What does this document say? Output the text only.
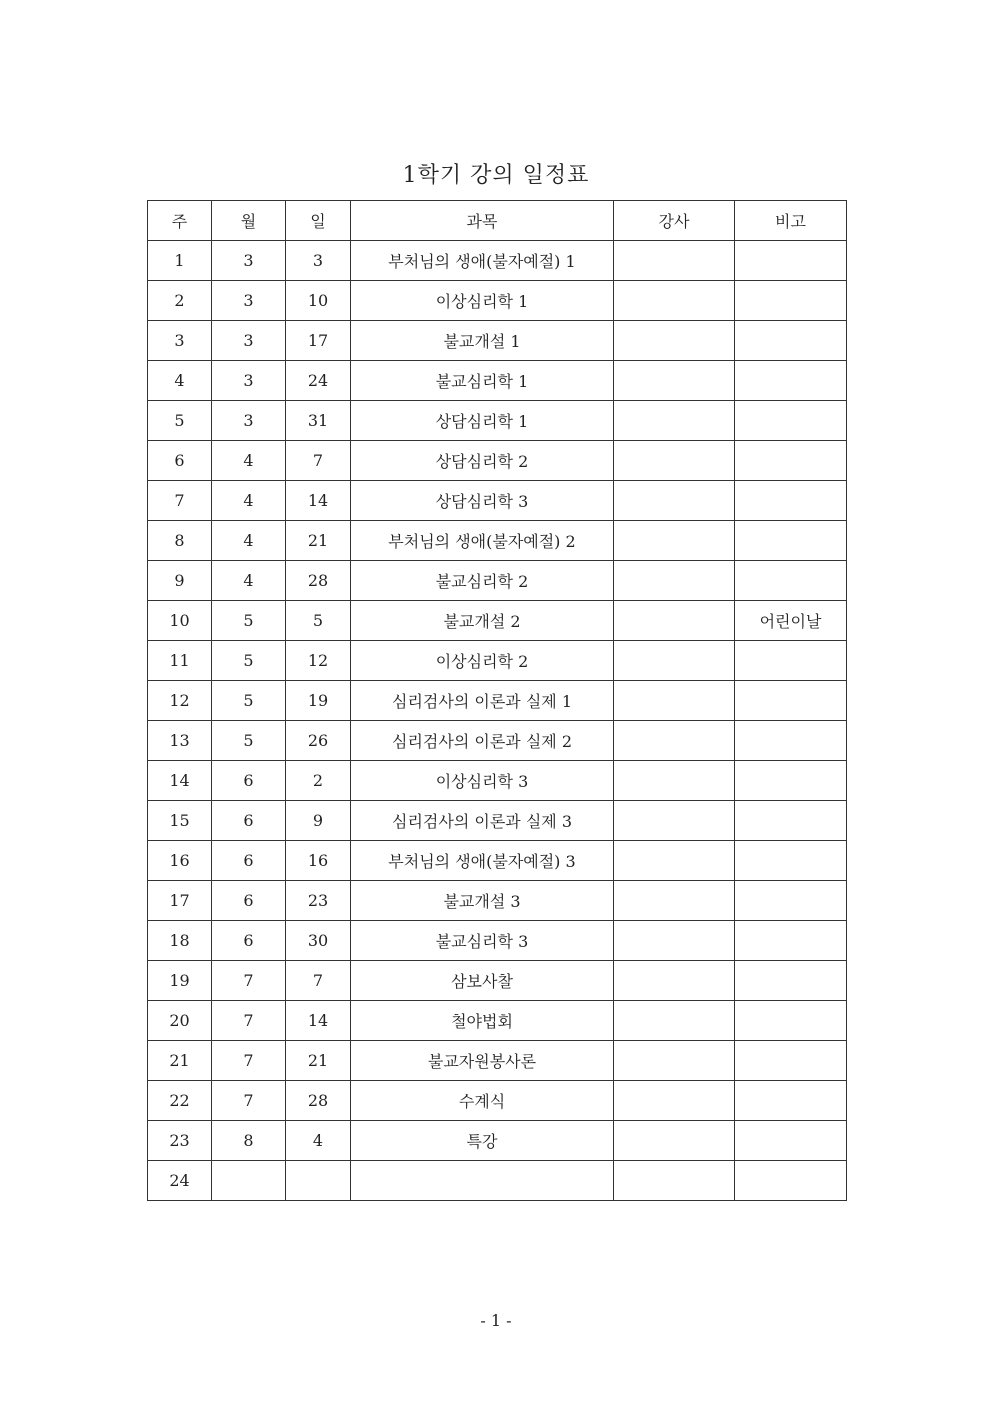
1학기 강의 일정표
주	월	일	과목	강사	비고
1	3	3	부처님의 생애(불자예절) 1		
2	3	10	이상심리학 1		
3	3	17	불교개설 1		
4	3	24	불교심리학 1		
5	3	31	상담심리학 1		
6	4	7	상담심리학 2		
7	4	14	상담심리학 3		
8	4	21	부처님의 생애(불자예절) 2		
9	4	28	불교심리학 2		
10	5	5	불교개설 2		어린이날
11	5	12	이상심리학 2		
12	5	19	심리검사의 이론과 실제 1		
13	5	26	심리검사의 이론과 실제 2		
14	6	2	이상심리학 3		
15	6	9	심리검사의 이론과 실제 3		
16	6	16	부처님의 생애(불자예절) 3		
17	6	23	불교개설 3		
18	6	30	불교심리학 3		
19	7	7	삼보사찰		
20	7	14	철야법회		
21	7	21	불교자원봉사론		
22	7	28	수계식		
23	8	4	특강		
24					
- 1 -
